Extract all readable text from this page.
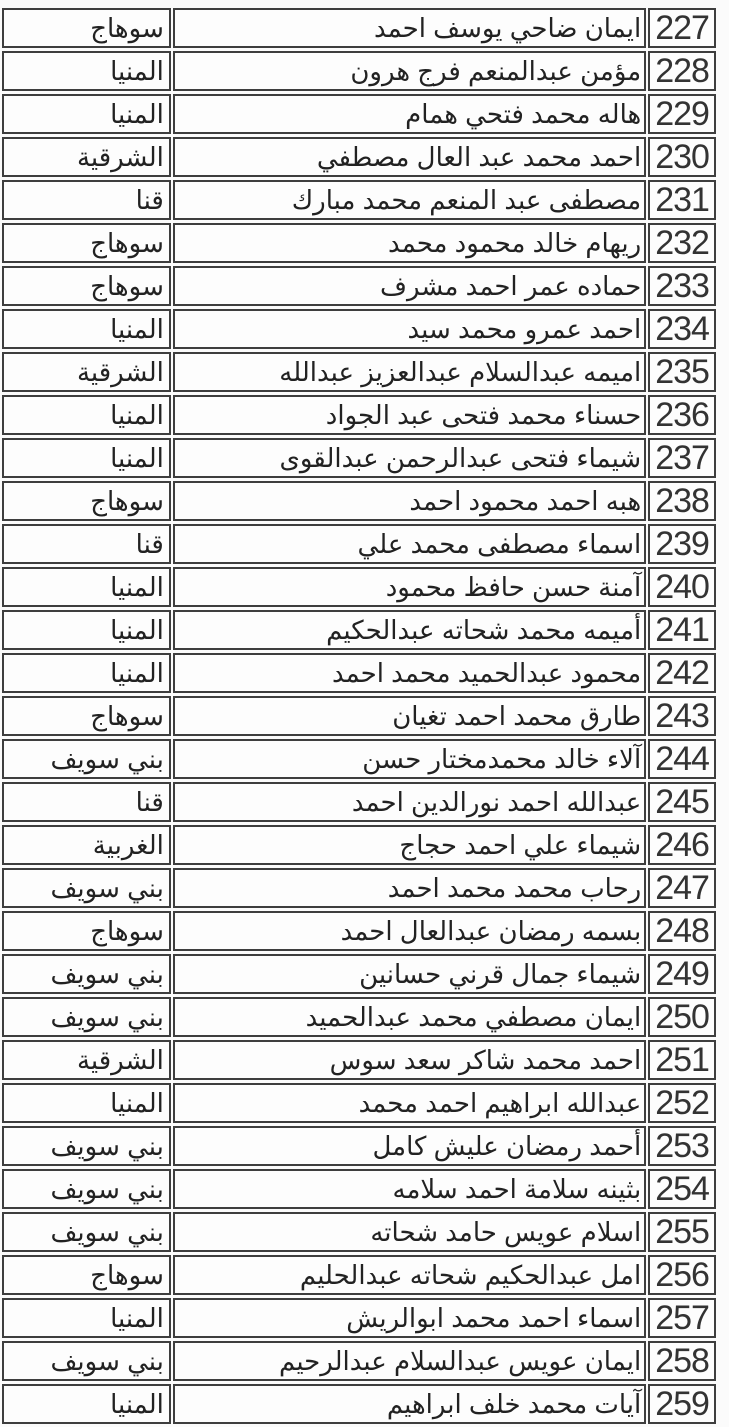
227	ايمان ضاحي يوسف احمد	سوهاج
228	مؤمن عبدالمنعم فرج هرون	المنيا
229	هاله محمد فتحي همام	المنيا
230	احمد محمد عبد العال مصطفي	الشرقية
231	مصطفى عبد المنعم محمد مبارك	قنا
232	ريهام خالد محمود محمد	سوهاج
233	حماده عمر احمد مشرف	سوهاج
234	احمد عمرو محمد سيد	المنيا
235	اميمه عبدالسلام عبدالعزيز عبدالله	الشرقية
236	حسناء محمد فتحى عبد الجواد	المنيا
237	شيماء فتحى عبدالرحمن عبدالقوى	المنيا
238	هبه احمد محمود احمد	سوهاج
239	اسماء مصطفى محمد علي	قنا
240	آمنة حسن حافظ محمود	المنيا
241	أميمه محمد شحاته عبدالحكيم	المنيا
242	محمود عبدالحميد محمد احمد	المنيا
243	طارق محمد احمد تغيان	سوهاج
244	آلاء خالد محمدمختار حسن	بني سويف
245	عبدالله احمد نورالدين احمد	قنا
246	شيماء علي احمد حجاج	الغربية
247	رحاب محمد محمد احمد	بني سويف
248	بسمه رمضان عبدالعال احمد	سوهاج
249	شيماء جمال قرني حسانين	بني سويف
250	ايمان مصطفي محمد عبدالحميد	بني سويف
251	احمد محمد شاكر سعد سوس	الشرقية
252	عبدالله ابراهيم احمد محمد	المنيا
253	أحمد رمضان عليش كامل	بني سويف
254	بثينه سلامة احمد سلامه	بني سويف
255	اسلام عويس حامد شحاته	بني سويف
256	امل عبدالحكيم شحاته عبدالحليم	سوهاج
257	اسماء احمد محمد ابوالريش	المنيا
258	ايمان عويس عبدالسلام عبدالرحيم	بني سويف
259	آيات محمد خلف ابراهيم	المنيا
